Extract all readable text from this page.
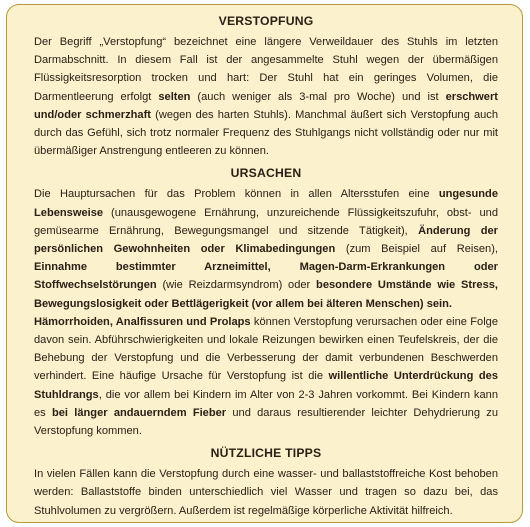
VERSTOPFUNG

Der Begriff „Verstopfung“ bezeichnet eine längere Verweildauer des Stuhls im letzten Darmabschnitt. In diesem Fall ist der angesammelte Stuhl wegen der übermäßigen Flüssigkeitsresorption trocken und hart: Der Stuhl hat ein geringes Volumen, die Darmentleerung erfolgt selten (auch weniger als 3-mal pro Woche) und ist erschwert und/oder schmerzhaft (wegen des harten Stuhls). Manchmal äußert sich Verstopfung auch durch das Gefühl, sich trotz normaler Frequenz des Stuhlgangs nicht vollständig oder nur mit übermäßiger Anstrengung entleeren zu können.

URSACHEN

Die Hauptursachen für das Problem können in allen Altersstufen eine ungesunde Lebensweise (unausgewogene Ernährung, unzureichende Flüssigkeitszufuhr, obst- und gemüsearme Ernährung, Bewegungsmangel und sitzende Tätigkeit), Änderung der persönlichen Gewohnheiten oder Klimabedingungen (zum Beispiel auf Reisen), Einnahme bestimmter Arzneimittel, Magen-Darm-Erkrankungen oder Stoffwechselstörungen (wie Reizdarmsyndrom) oder besondere Umstände wie Stress, Bewegungslosigkeit oder Bettlägerigkeit (vor allem bei älteren Menschen) sein.

Hämorrhoiden, Analfissuren und Prolaps können Verstopfung verursachen oder eine Folge davon sein. Abführschwierigkeiten und lokale Reizungen bewirken einen Teufelskreis, der die Behebung der Verstopfung und die Verbesserung der damit verbundenen Beschwerden verhindert. Eine häufige Ursache für Verstopfung ist die willentliche Unterdrückung des Stuhldrangs, die vor allem bei Kindern im Alter von 2-3 Jahren vorkommt. Bei Kindern kann es bei länger andauerndem Fieber und daraus resultierender leichter Dehydrierung zu Verstopfung kommen.

NÜTZLICHE TIPPS

In vielen Fällen kann die Verstopfung durch eine wasser- und ballaststoffreiche Kost behoben werden: Ballaststoffe binden unterschiedlich viel Wasser und tragen so dazu bei, das Stuhlvolumen zu vergrößern. Außerdem ist regelmäßige körperliche Aktivität hilfreich.
